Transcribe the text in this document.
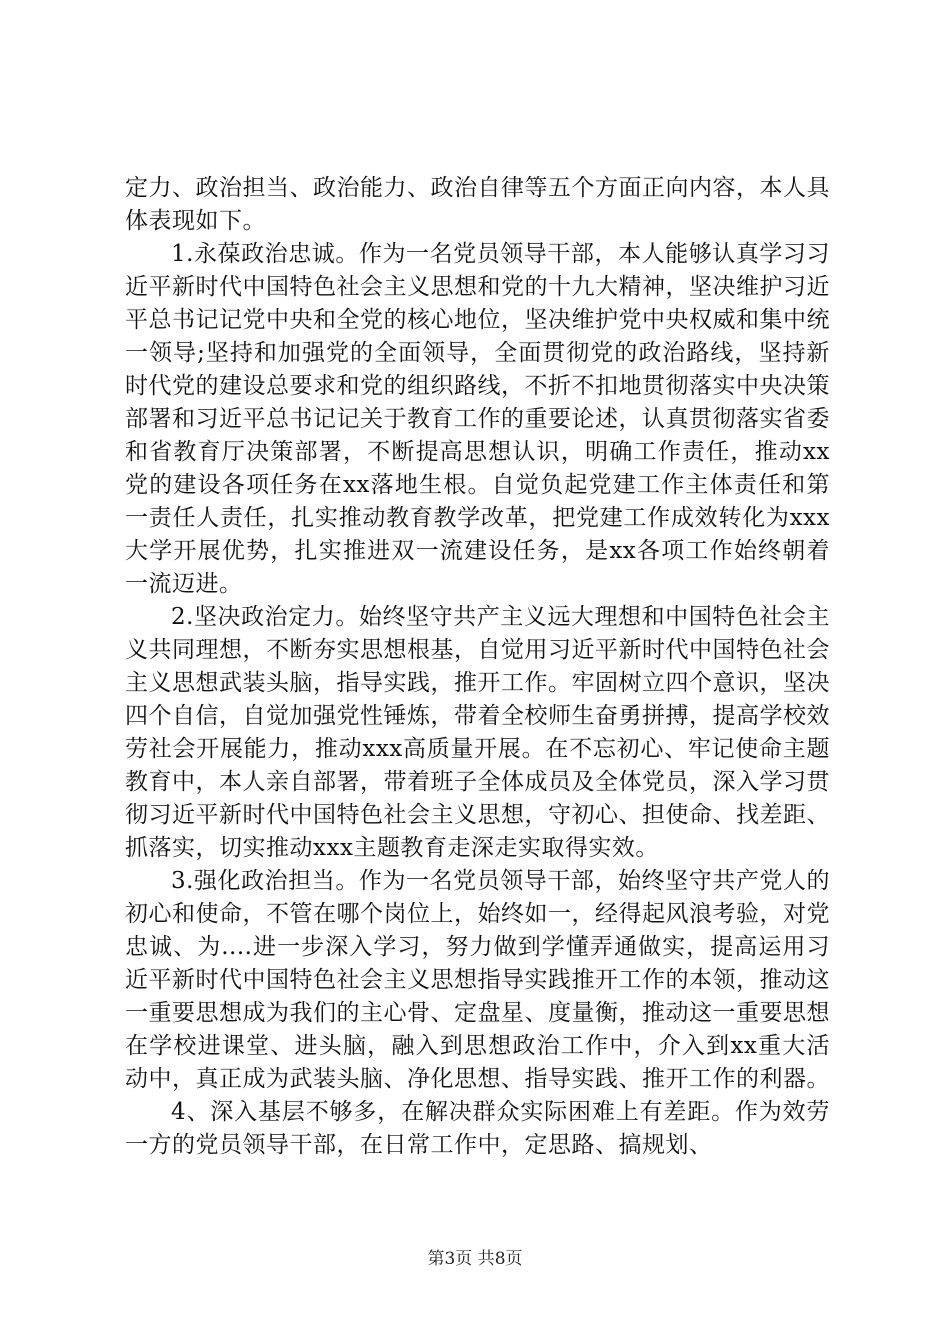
定力、政治担当、政治能力、政治自律等五个方面正向内容，本人具体表现如下。

1.永葆政治忠诚。作为一名党员领导干部，本人能够认真学习习近平新时代中国特色社会主义思想和党的十九大精神，坚决维护习近平总书记记党中央和全党的核心地位，坚决维护党中央权威和集中统一领导;坚持和加强党的全面领导，全面贯彻党的政治路线，坚持新时代党的建设总要求和党的组织路线，不折不扣地贯彻落实中央决策部署和习近平总书记记关于教育工作的重要论述，认真贯彻落实省委和省教育厅决策部署，不断提高思想认识，明确工作责任，推动xx党的建设各项任务在xx落地生根。自觉负起党建工作主体责任和第一责任人责任，扎实推动教育教学改革，把党建工作成效转化为xxx大学开展优势，扎实推进双一流建设任务，是xx各项工作始终朝着一流迈进。

2.坚决政治定力。始终坚守共产主义远大理想和中国特色社会主义共同理想，不断夯实思想根基，自觉用习近平新时代中国特色社会主义思想武装头脑，指导实践，推开工作。牢固树立四个意识，坚决四个自信，自觉加强党性锤炼，带着全校师生奋勇拼搏，提高学校效劳社会开展能力，推动xxx高质量开展。在不忘初心、牢记使命主题教育中，本人亲自部署，带着班子全体成员及全体党员，深入学习贯彻习近平新时代中国特色社会主义思想，守初心、担使命、找差距、抓落实，切实推动xxx主题教育走深走实取得实效。

3.强化政治担当。作为一名党员领导干部，始终坚守共产党人的初心和使命，不管在哪个岗位上，始终如一，经得起风浪考验，对党忠诚、为....进一步深入学习，努力做到学懂弄通做实，提高运用习近平新时代中国特色社会主义思想指导实践推开工作的本领，推动这一重要思想成为我们的主心骨、定盘星、度量衡，推动这一重要思想在学校进课堂、进头脑，融入到思想政治工作中，介入到xx重大活动中，真正成为武装头脑、净化思想、指导实践、推开工作的利器。

4、深入基层不够多，在解决群众实际困难上有差距。作为效劳一方的党员领导干部，在日常工作中，定思路、搞规划、

第3页 共8页
